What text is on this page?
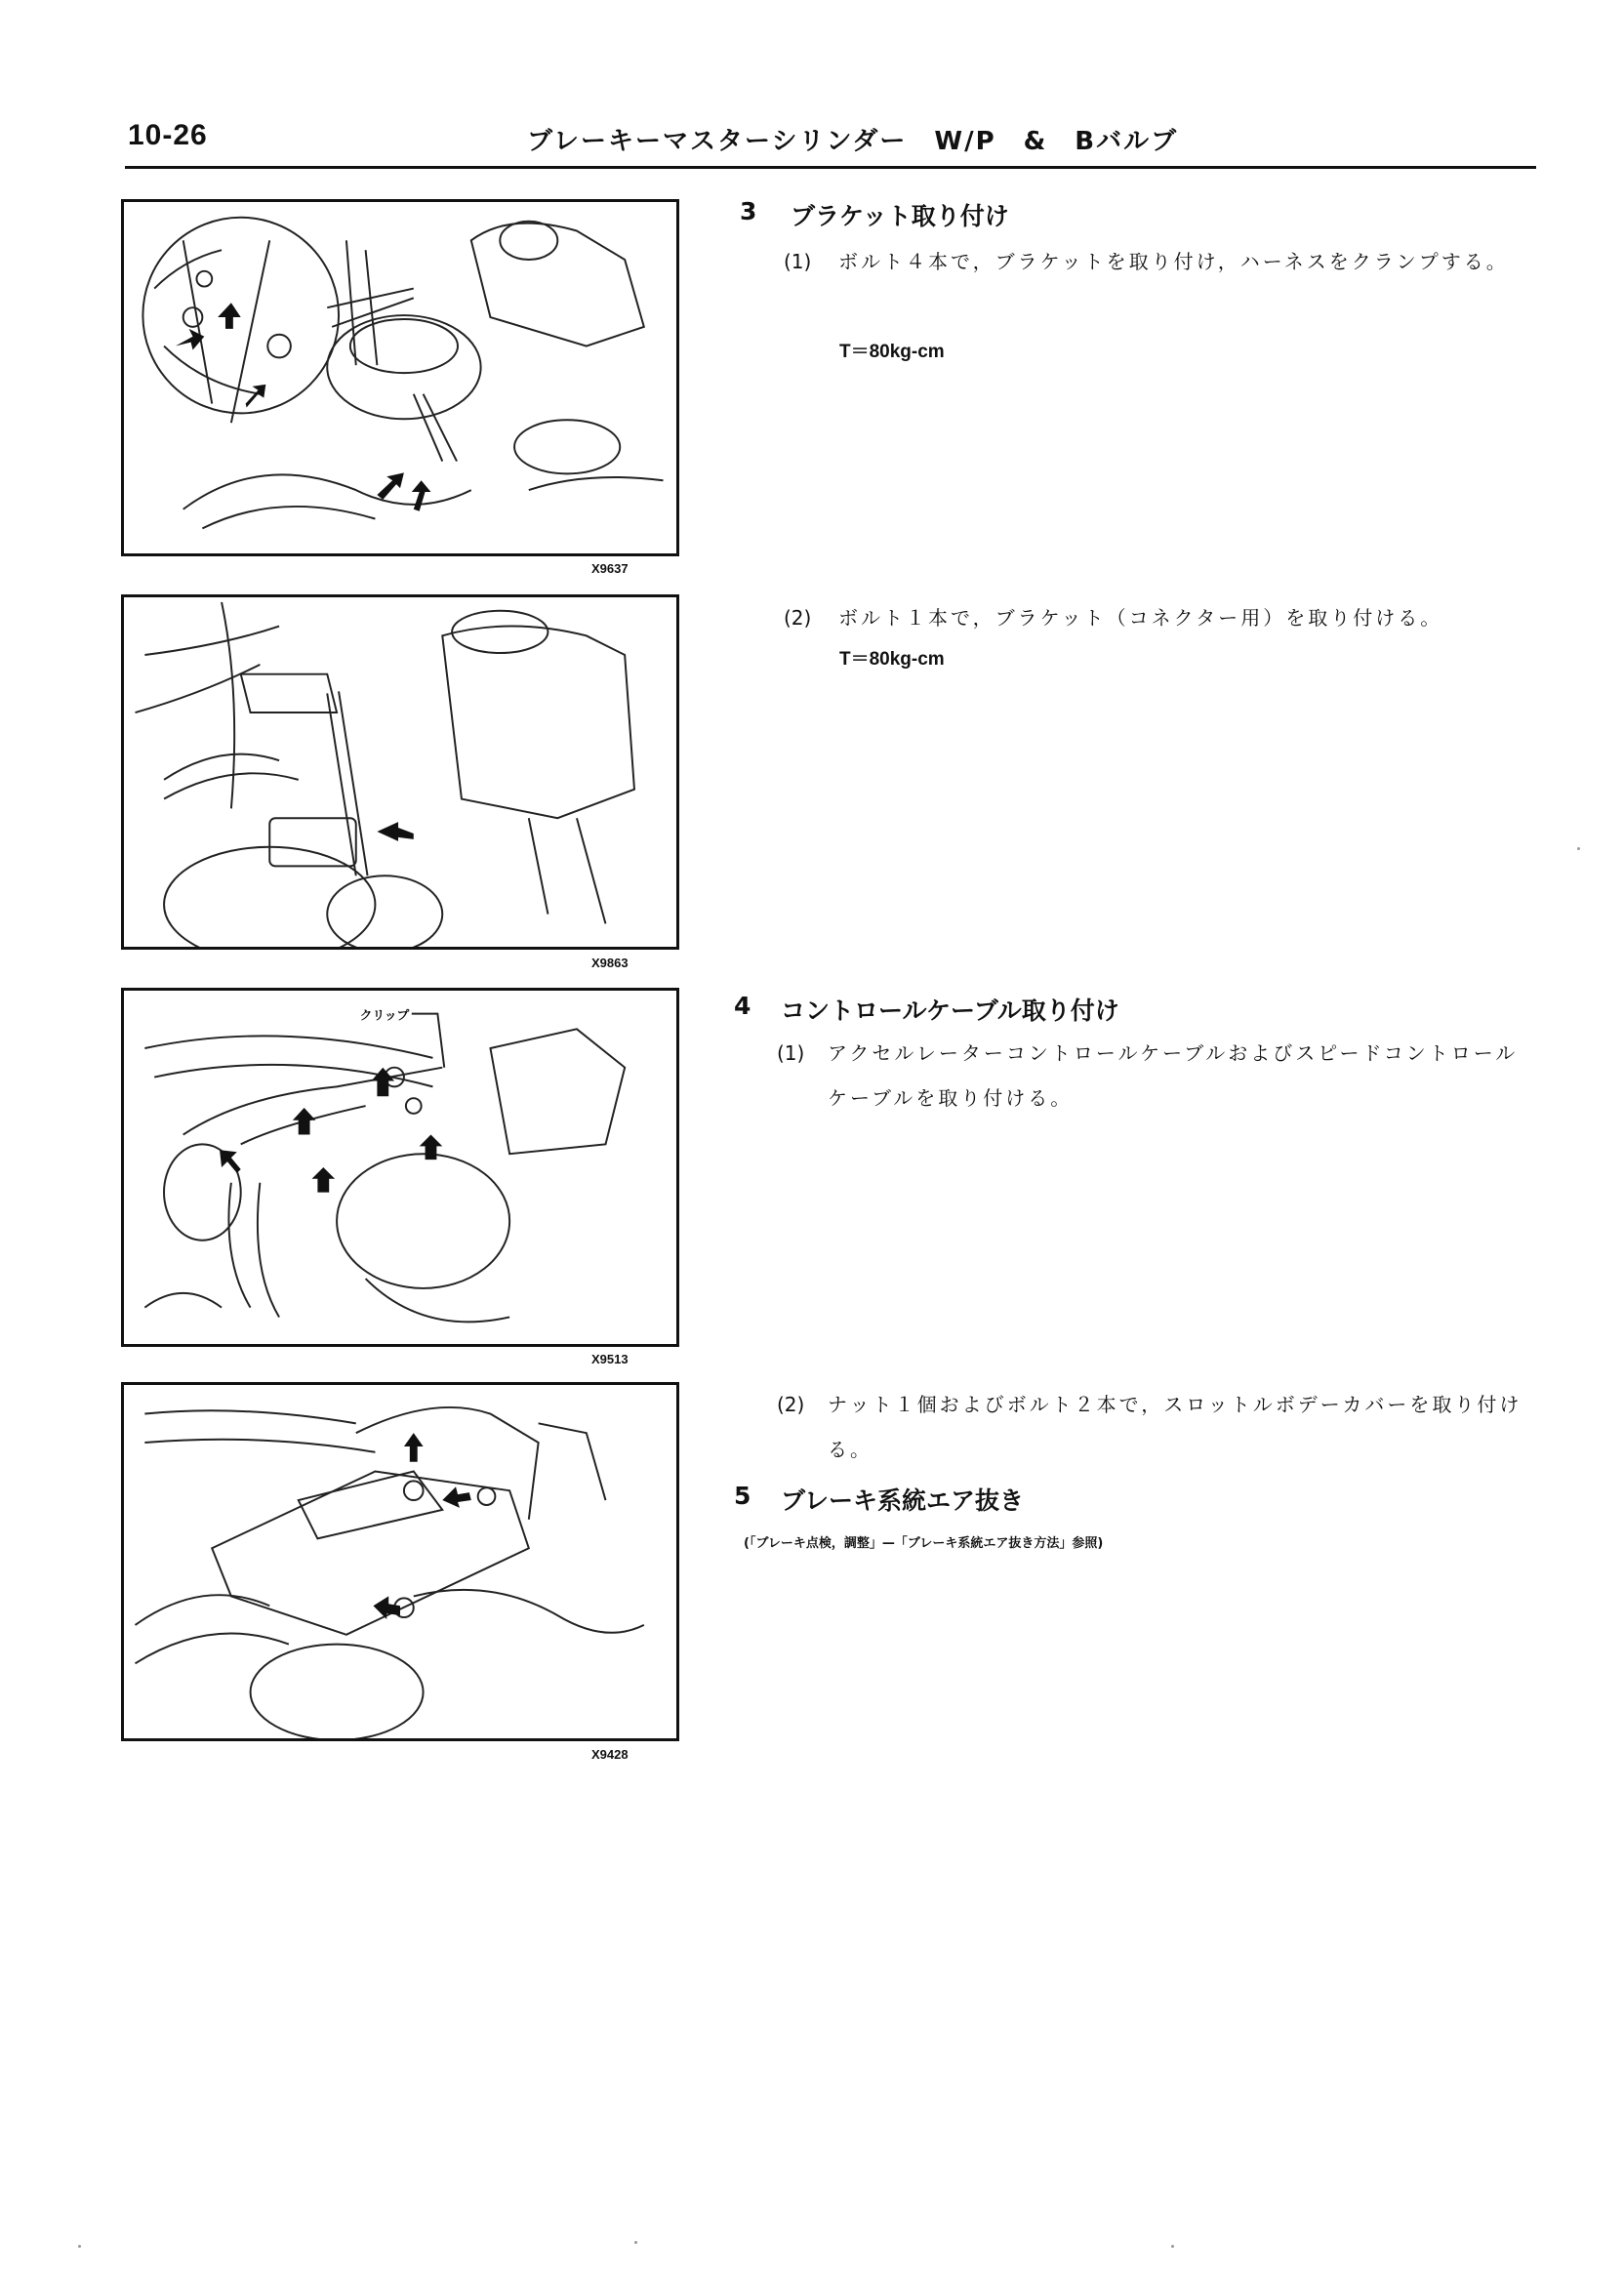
10-26	ブレーキーマスターシリンダー　W/P　&　Bバルブ
X9637
X9863
クリップ
X9513
X9428
3 ブラケット取り付け
(1) ボルト４本で，ブラケットを取り付け，ハーネスをクランプする。
T＝80kg-cm
(2) ボルト１本で，ブラケット（コネクター用）を取り付ける。
T＝80kg-cm
4 コントロールケーブル取り付け
(1) アクセルレーターコントロールケーブルおよびスピードコントロールケーブルを取り付ける。
(2) ナット１個およびボルト２本で，スロットルボデーカバーを取り付ける。
5 ブレーキ系統エア抜き
(「ブレーキ点検，調整」—「ブレーキ系統エア抜き方法」参照)
